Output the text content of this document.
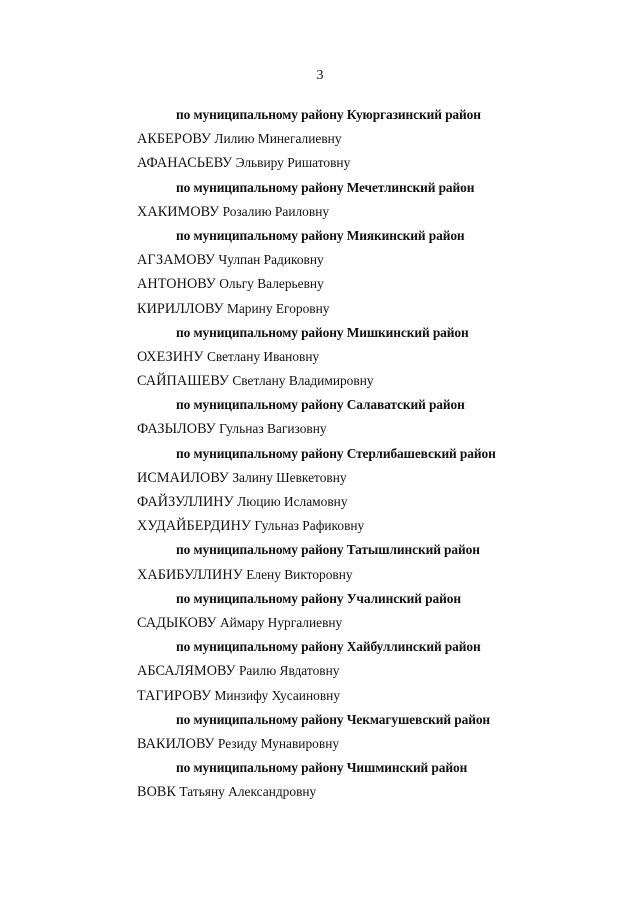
3
по муниципальному району Куюргазинский район
АКБЕРОВУ Лилию Минегалиевну
АФАНАСЬЕВУ Эльвиру Ришатовну
по муниципальному району Мечетлинский район
ХАКИМОВУ Розалию Раиловну
по муниципальному району Миякинский район
АГЗАМОВУ Чулпан Радиковну
АНТОНОВУ Ольгу Валерьевну
КИРИЛЛОВУ Марину Егоровну
по муниципальному району Мишкинский район
ОХЕЗИНУ Светлану Ивановну
САЙПАШЕВУ Светлану Владимировну
по муниципальному району Салаватский район
ФАЗЫЛОВУ Гульназ Вагизовну
по муниципальному району Стерлибашевский район
ИСМАИЛОВУ Залину Шевкетовну
ФАЙЗУЛЛИНУ Люцию Исламовну
ХУДАЙБЕРДИНУ Гульназ Рафиковну
по муниципальному району Татышлинский район
ХАБИБУЛЛИНУ Елену Викторовну
по муниципальному району Учалинский район
САДЫКОВУ Аймару Нургалиевну
по муниципальному району Хайбуллинский район
АБСАЛЯМОВУ Раилю Явдатовну
ТАГИРОВУ Минзифу Хусаиновну
по муниципальному району Чекмагушевский район
ВАКИЛОВУ Резиду Мунавировну
по муниципальному району Чишминский район
ВОВК Татьяну Александровну
